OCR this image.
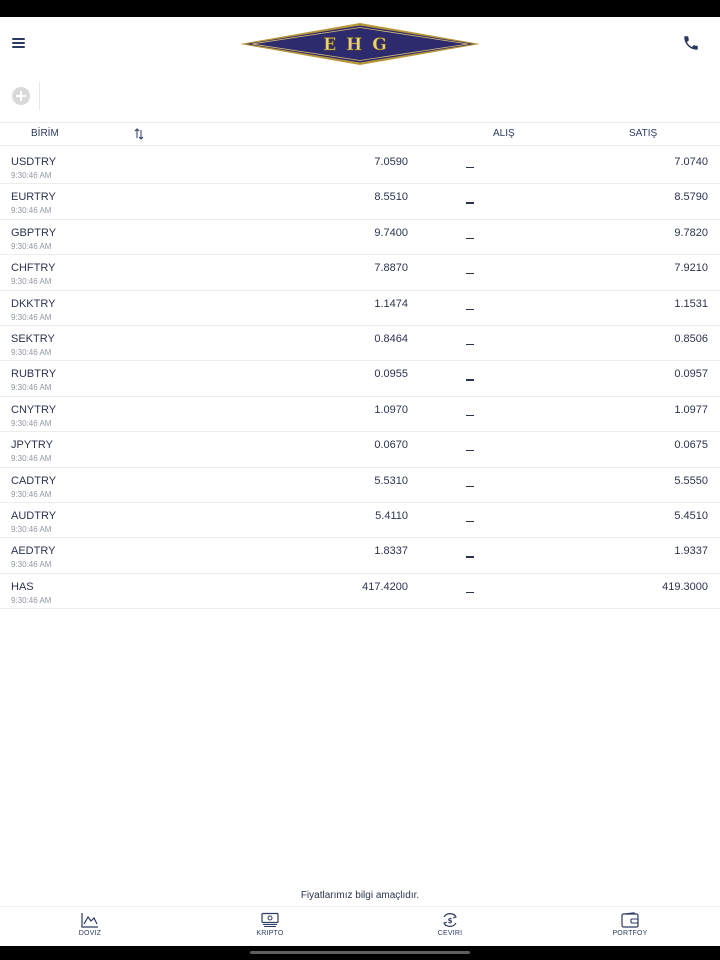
EHG
BİRİM	ALIŞ	SATIŞ
USDTRY
9:30:46 AM
7.0590	7.0740
EURTRY
9:30:46 AM
8.5510	8.5790
GBPTRY
9:30:46 AM
9.7400	9.7820
CHFTRY
9:30:46 AM
7.8870	7.9210
DKKTRY
9:30:46 AM
1.1474	1.1531
SEKTRY
9:30:46 AM
0.8464	0.8506
RUBTRY
9:30:46 AM
0.0955	0.0957
CNYTRY
9:30:46 AM
1.0970	1.0977
JPYTRY
9:30:46 AM
0.0670	0.0675
CADTRY
9:30:46 AM
5.5310	5.5550
AUDTRY
9:30:46 AM
5.4110	5.4510
AEDTRY
9:30:46 AM
1.8337	1.9337
HAS
9:30:46 AM
417.4200	419.3000
Fiyatlarımız bilgi amaçlıdır.
DOVIZ	KRIPTO
$
CEVIRI	PORTFOY
